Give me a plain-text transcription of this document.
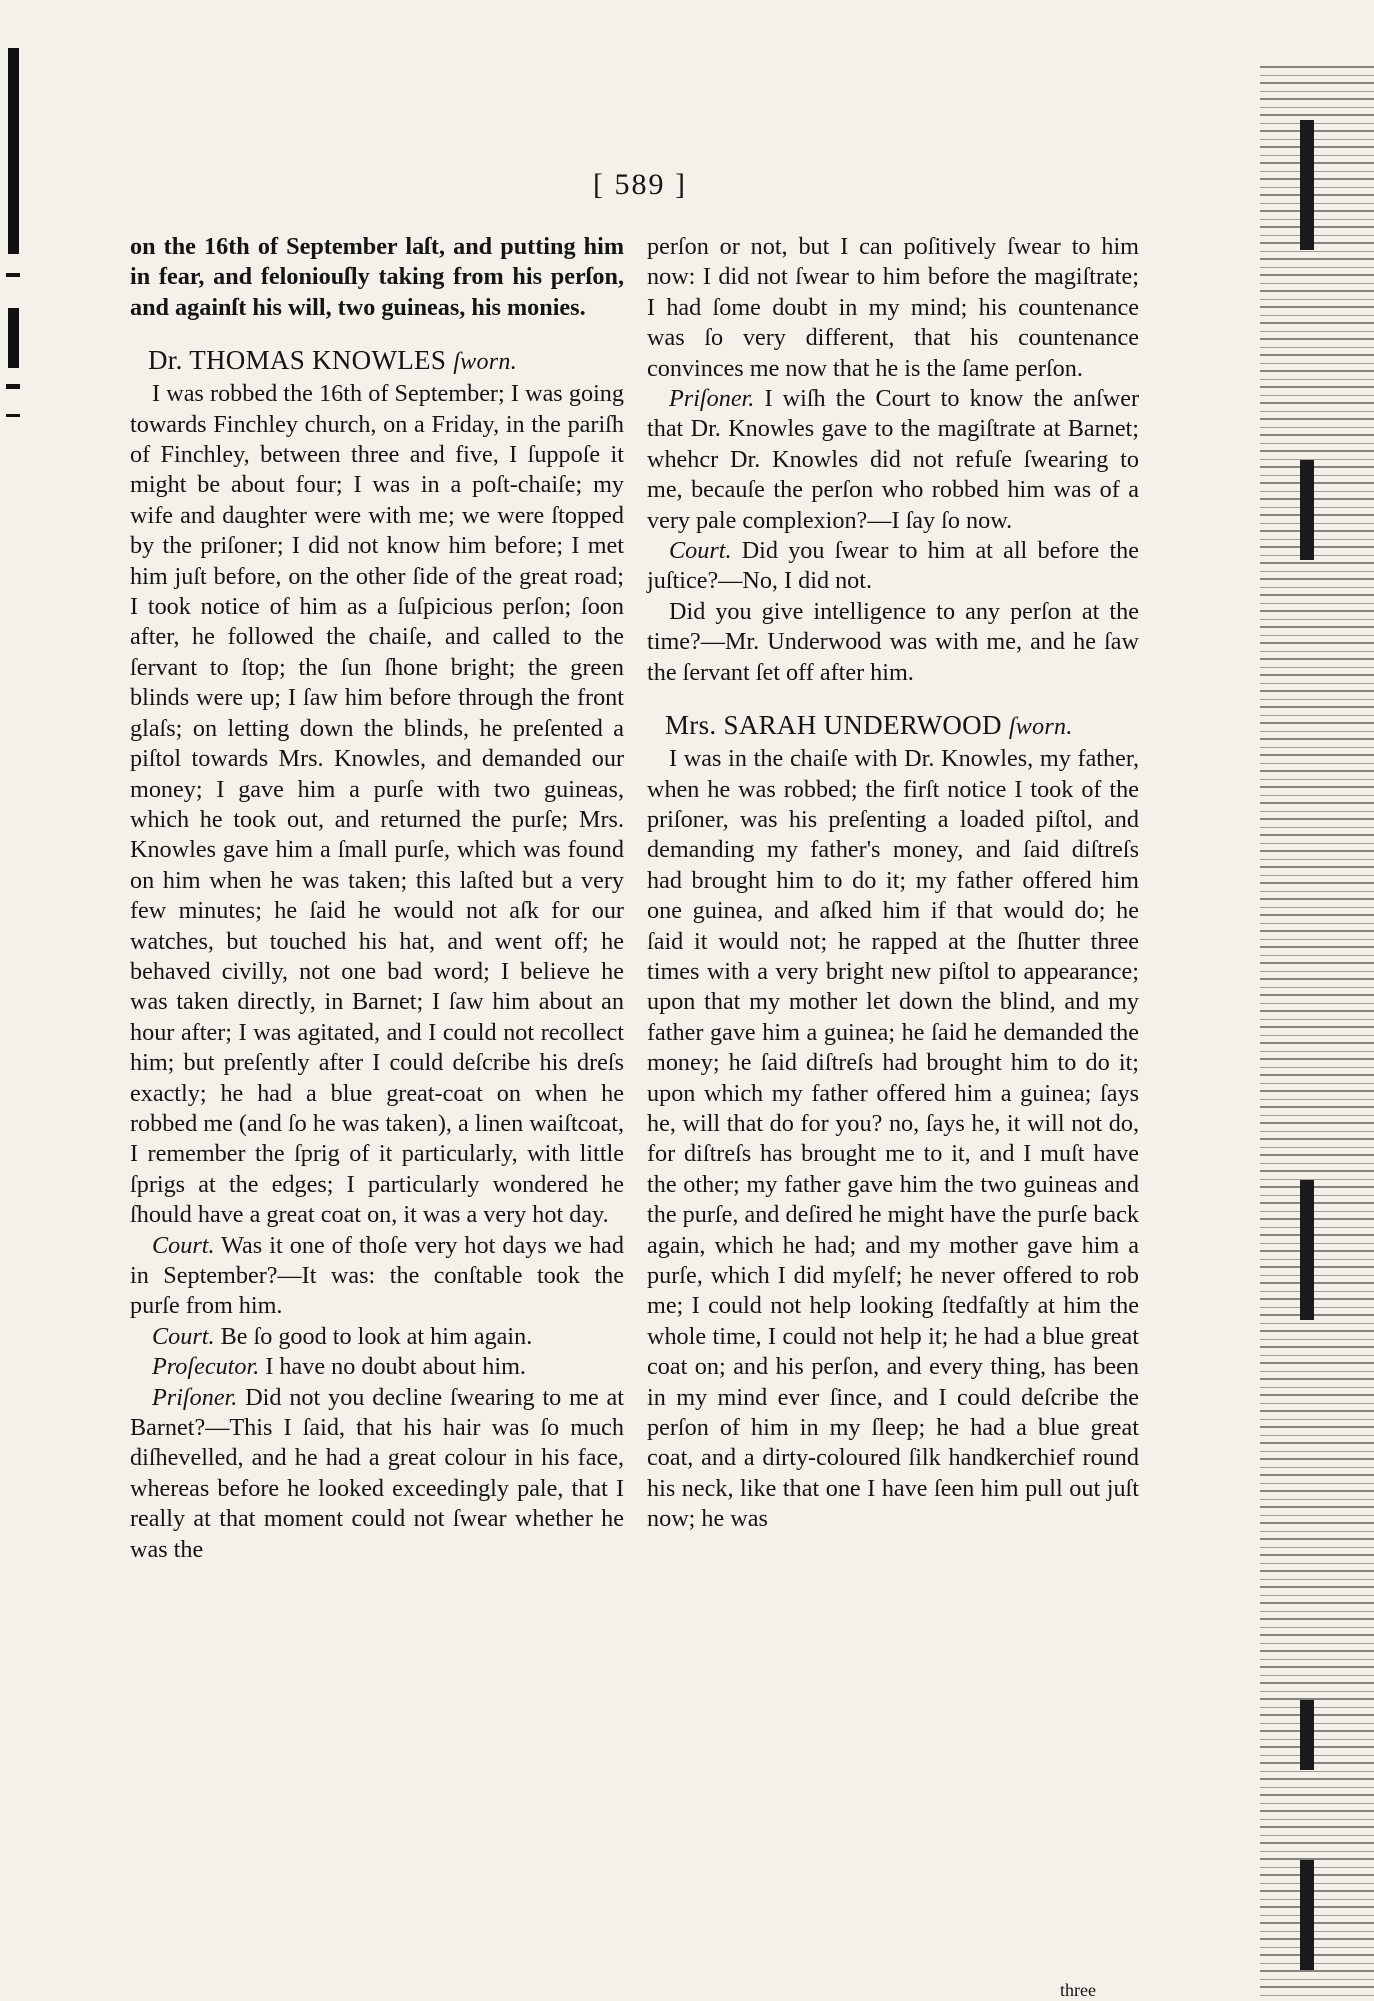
[ 589 ]

on the 16th of September laſt, and putting him in fear, and feloniouſly taking from his perſon, and againſt his will, two guineas, his monies.

Dr. THOMAS KNOWLES ſworn.

I was robbed the 16th of September; I was going towards Finchley church, on a Friday, in the pariſh of Finchley, between three and five, I ſuppoſe it might be about four; I was in a poſt-chaiſe; my wife and daughter were with me; we were ſtopped by the priſoner; I did not know him before; I met him juſt before, on the other ſide of the great road; I took notice of him as a ſuſpicious perſon; ſoon after, he followed the chaiſe, and called to the ſervant to ſtop; the ſun ſhone bright; the green blinds were up; I ſaw him before through the front glaſs; on letting down the blinds, he preſented a piſtol towards Mrs. Knowles, and demanded our money; I gave him a purſe with two guineas, which he took out, and returned the purſe; Mrs. Knowles gave him a ſmall purſe, which was found on him when he was taken; this laſted but a very few minutes; he ſaid he would not aſk for our watches, but touched his hat, and went off; he behaved civilly, not one bad word; I believe he was taken directly, in Barnet; I ſaw him about an hour after; I was agitated, and I could not recollect him; but preſently after I could deſcribe his dreſs exactly; he had a blue great-coat on when he robbed me (and ſo he was taken), a linen waiſtcoat, I remember the ſprig of it particularly, with little ſprigs at the edges; I particularly wondered he ſhould have a great coat on, it was a very hot day.

Court. Was it one of thoſe very hot days we had in September?—It was: the conſtable took the purſe from him.

Court. Be ſo good to look at him again.

Proſecutor. I have no doubt about him.

Priſoner. Did not you decline ſwearing to me at Barnet?—This I ſaid, that his hair was ſo much diſhevelled, and he had a great colour in his face, whereas before he looked exceedingly pale, that I really at that moment could not ſwear whether he was the

perſon or not, but I can poſitively ſwear to him now: I did not ſwear to him before the magiſtrate; I had ſome doubt in my mind; his countenance was ſo very different, that his countenance convinces me now that he is the ſame perſon.

Priſoner. I wiſh the Court to know the anſwer that Dr. Knowles gave to the magiſtrate at Barnet; whehcr Dr. Knowles did not refuſe ſwearing to me, becauſe the perſon who robbed him was of a very pale complexion?—I ſay ſo now.

Court. Did you ſwear to him at all before the juſtice?—No, I did not.

Did you give intelligence to any perſon at the time?—Mr. Underwood was with me, and he ſaw the ſervant ſet off after him.

Mrs. SARAH UNDERWOOD ſworn.

I was in the chaiſe with Dr. Knowles, my father, when he was robbed; the firſt notice I took of the priſoner, was his preſenting a loaded piſtol, and demanding my father's money, and ſaid diſtreſs had brought him to do it; my father offered him one guinea, and aſked him if that would do; he ſaid it would not; he rapped at the ſhutter three times with a very bright new piſtol to appearance; upon that my mother let down the blind, and my father gave him a guinea; he ſaid he demanded the money; he ſaid diſtreſs had brought him to do it; upon which my father offered him a guinea; ſays he, will that do for you? no, ſays he, it will not do, for diſtreſs has brought me to it, and I muſt have the other; my father gave him the two guineas and the purſe, and deſired he might have the purſe back again, which he had; and my mother gave him a purſe, which I did myſelf; he never offered to rob me; I could not help looking ſtedfaſtly at him the whole time, I could not help it; he had a blue great coat on; and his perſon, and every thing, has been in my mind ever ſince, and I could deſcribe the perſon of him in my ſleep; he had a blue great coat, and a dirty-coloured ſilk handkerchief round his neck, like that one I have ſeen him pull out juſt now; he was

three
